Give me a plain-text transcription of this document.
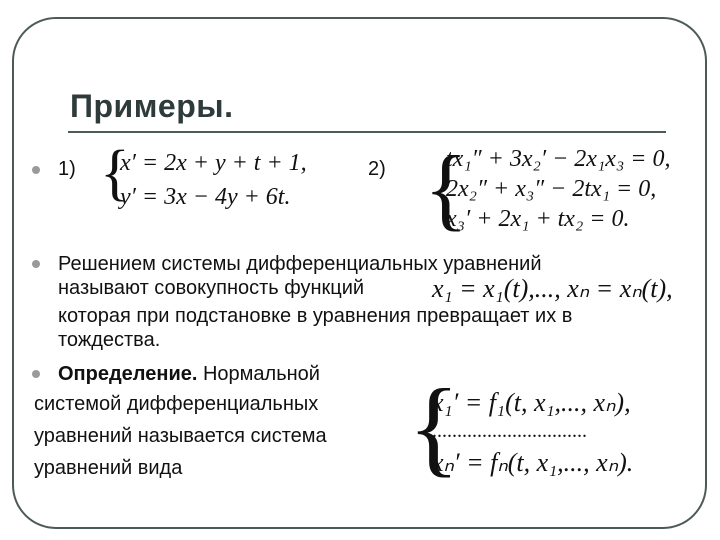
Примеры.
1) {
x′ = 2x + y + t + 1,
y′ = 3x − 4y + 6t.
2) {
tx₁″ + 3x₂′ − 2x₁x₃ = 0,
2x₂″ + x₃″ − 2tx₁ = 0,
x₃′ + 2x₁ + tx₂ = 0.
Решением системы дифференциальных уравнений
называют совокупность функций	x₁ = x₁(t),..., xₙ = xₙ(t),
которая при подстановке в уравнения превращает их в
тождества.
Определение. Нормальной
системой дифференциальных
уравнений называется система
уравнений вида {
x₁′ = f₁(t, x₁,..., xₙ),
...............................
xₙ′ = fₙ(t, x₁,..., xₙ).
